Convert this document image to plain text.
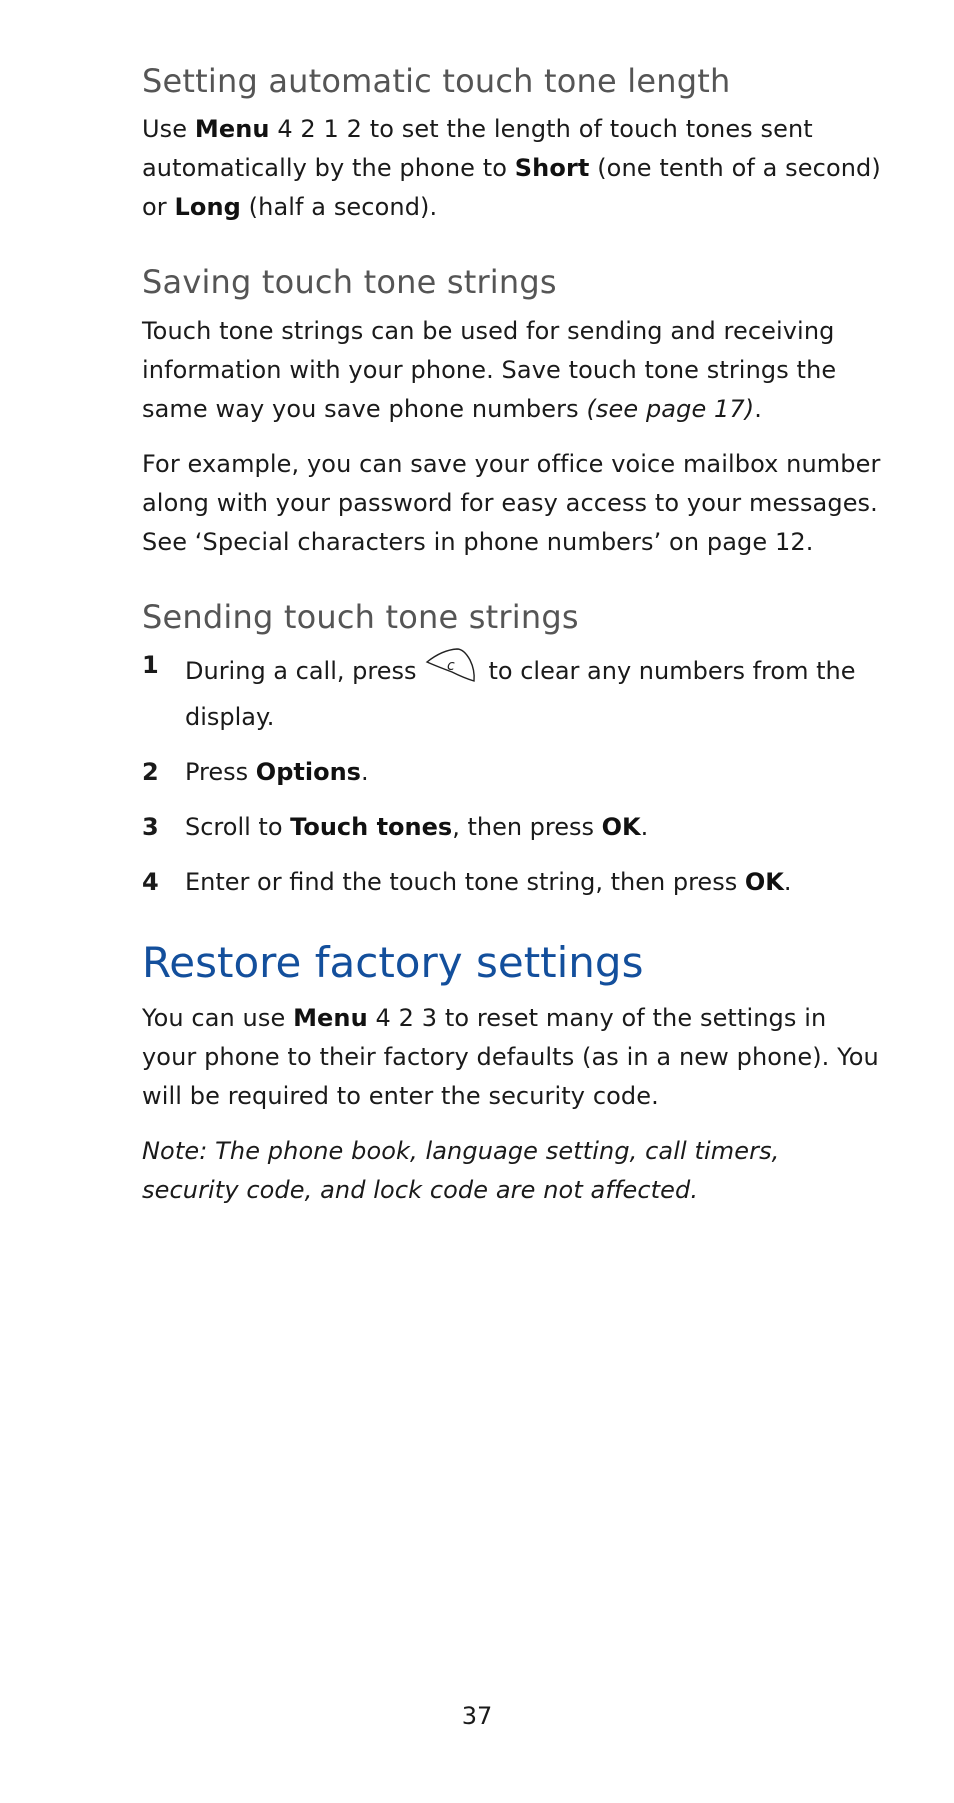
Setting automatic touch tone length

Use Menu 4 2 1 2 to set the length of touch tones sent automatically by the phone to Short (one tenth of a second) or Long (half a second).

Saving touch tone strings

Touch tone strings can be used for sending and receiving information with your phone. Save touch tone strings the same way you save phone numbers (see page 17).

For example, you can save your office voice mailbox number along with your password for easy access to your messages. See ‘Special characters in phone numbers’ on page 12.

Sending touch tone strings
1 During a call, press c to clear any numbers from the display.
2 Press Options.
3 Scroll to Touch tones, then press OK.
4 Enter or find the touch tone string, then press OK.
Restore factory settings

You can use Menu 4 2 3 to reset many of the settings in your phone to their factory defaults (as in a new phone). You will be required to enter the security code.

Note: The phone book, language setting, call timers, security code, and lock code are not affected.

37
